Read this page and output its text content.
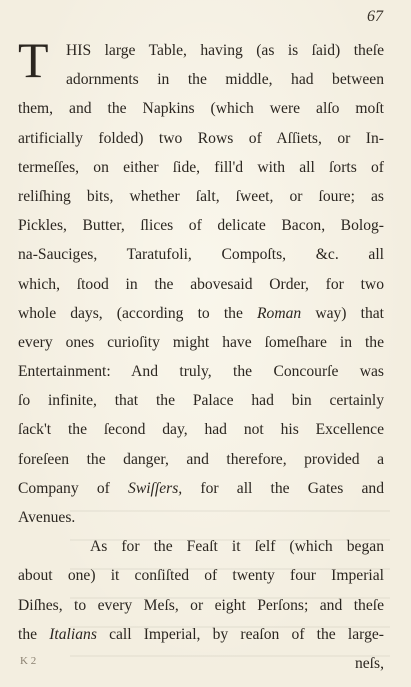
67
T	HIS large Table, having (as is ſaid) theſe
adornments in the middle, had between
them, and the Napkins (which were alſo moſt
artificially folded) two Rows of Aſſiets, or In-
termeſſes, on either ſide, fill'd with all ſorts of
reliſhing bits, whether ſalt, ſweet, or ſoure; as
Pickles, Butter, ſlices of delicate Bacon, Bolog-
na-Sauciges, Taratufoli, Compoſts, &c. all
which, ſtood in the abovesaid Order, for two
whole days, (according to the Roman way) that
every ones curioſity might have ſomeſhare in the
Entertainment: And truly, the Concourſe was
ſo infinite, that the Palace had bin certainly
ſack't the ſecond day, had not his Excellence
foreſeen the danger, and therefore, provided a
Company of Swiſſers, for all the Gates and
Avenues.
As for the Feaſt it ſelf (which began
about one) it conſiſted of twenty four Imperial
Diſhes, to every Meſs, or eight Perſons; and theſe
the Italians call Imperial, by reaſon of the large-
neſs,
K 2
